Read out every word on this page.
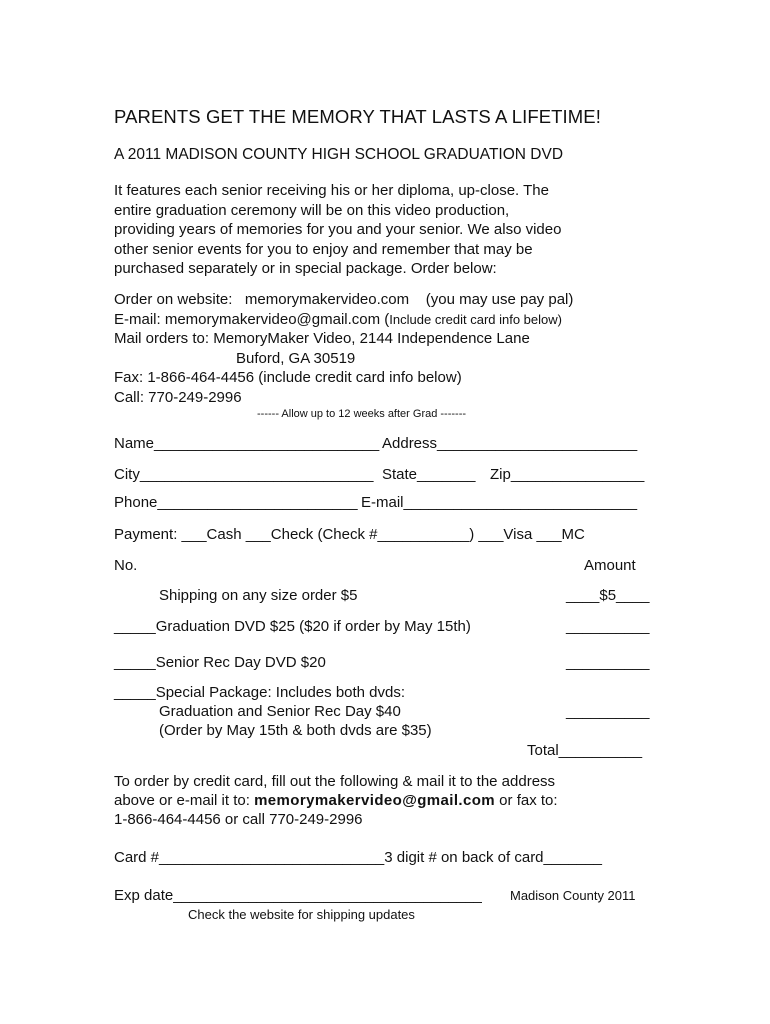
PARENTS GET THE MEMORY THAT LASTS A LIFETIME!
A 2011 MADISON COUNTY HIGH SCHOOL GRADUATION DVD
It features each senior receiving his or her diploma, up-close. The
entire graduation ceremony will be on this video production,
providing years of memories for you and your senior. We also video
other senior events for you to enjoy and remember that may be
purchased separately or in special package. Order below:
Order on website: memorymakervideo.com (you may use pay pal)
E-mail: memorymakervideo@gmail.com (Include credit card info below)
Mail orders to: MemoryMaker Video, 2144 Independence Lane
Buford, GA 30519
Fax: 1-866-464-4456 (include credit card info below)
Call: 770-249-2996
------ Allow up to 12 weeks after Grad -------
Name___________________________ Address________________________
City____________________________ State_______ Zip________________
Phone________________________ E-mail____________________________
Payment: ___Cash ___Check (Check #___________) ___Visa ___MC
No.	Amount
Shipping on any size order $5	____$5____
_____Graduation DVD $25 ($20 if order by May 15th)	__________
_____Senior Rec Day DVD $20	__________
_____Special Package: Includes both dvds:
Graduation and Senior Rec Day $40	__________
(Order by May 15th & both dvds are $35)
Total__________
To order by credit card, fill out the following & mail it to the address
above or e-mail it to: memorymakervideo@gmail.com or fax to:
1-866-464-4456 or call 770-249-2996
Card #___________________________3 digit # on back of card_______
Exp date_____________________________________ Madison County 2011
Check the website for shipping updates
